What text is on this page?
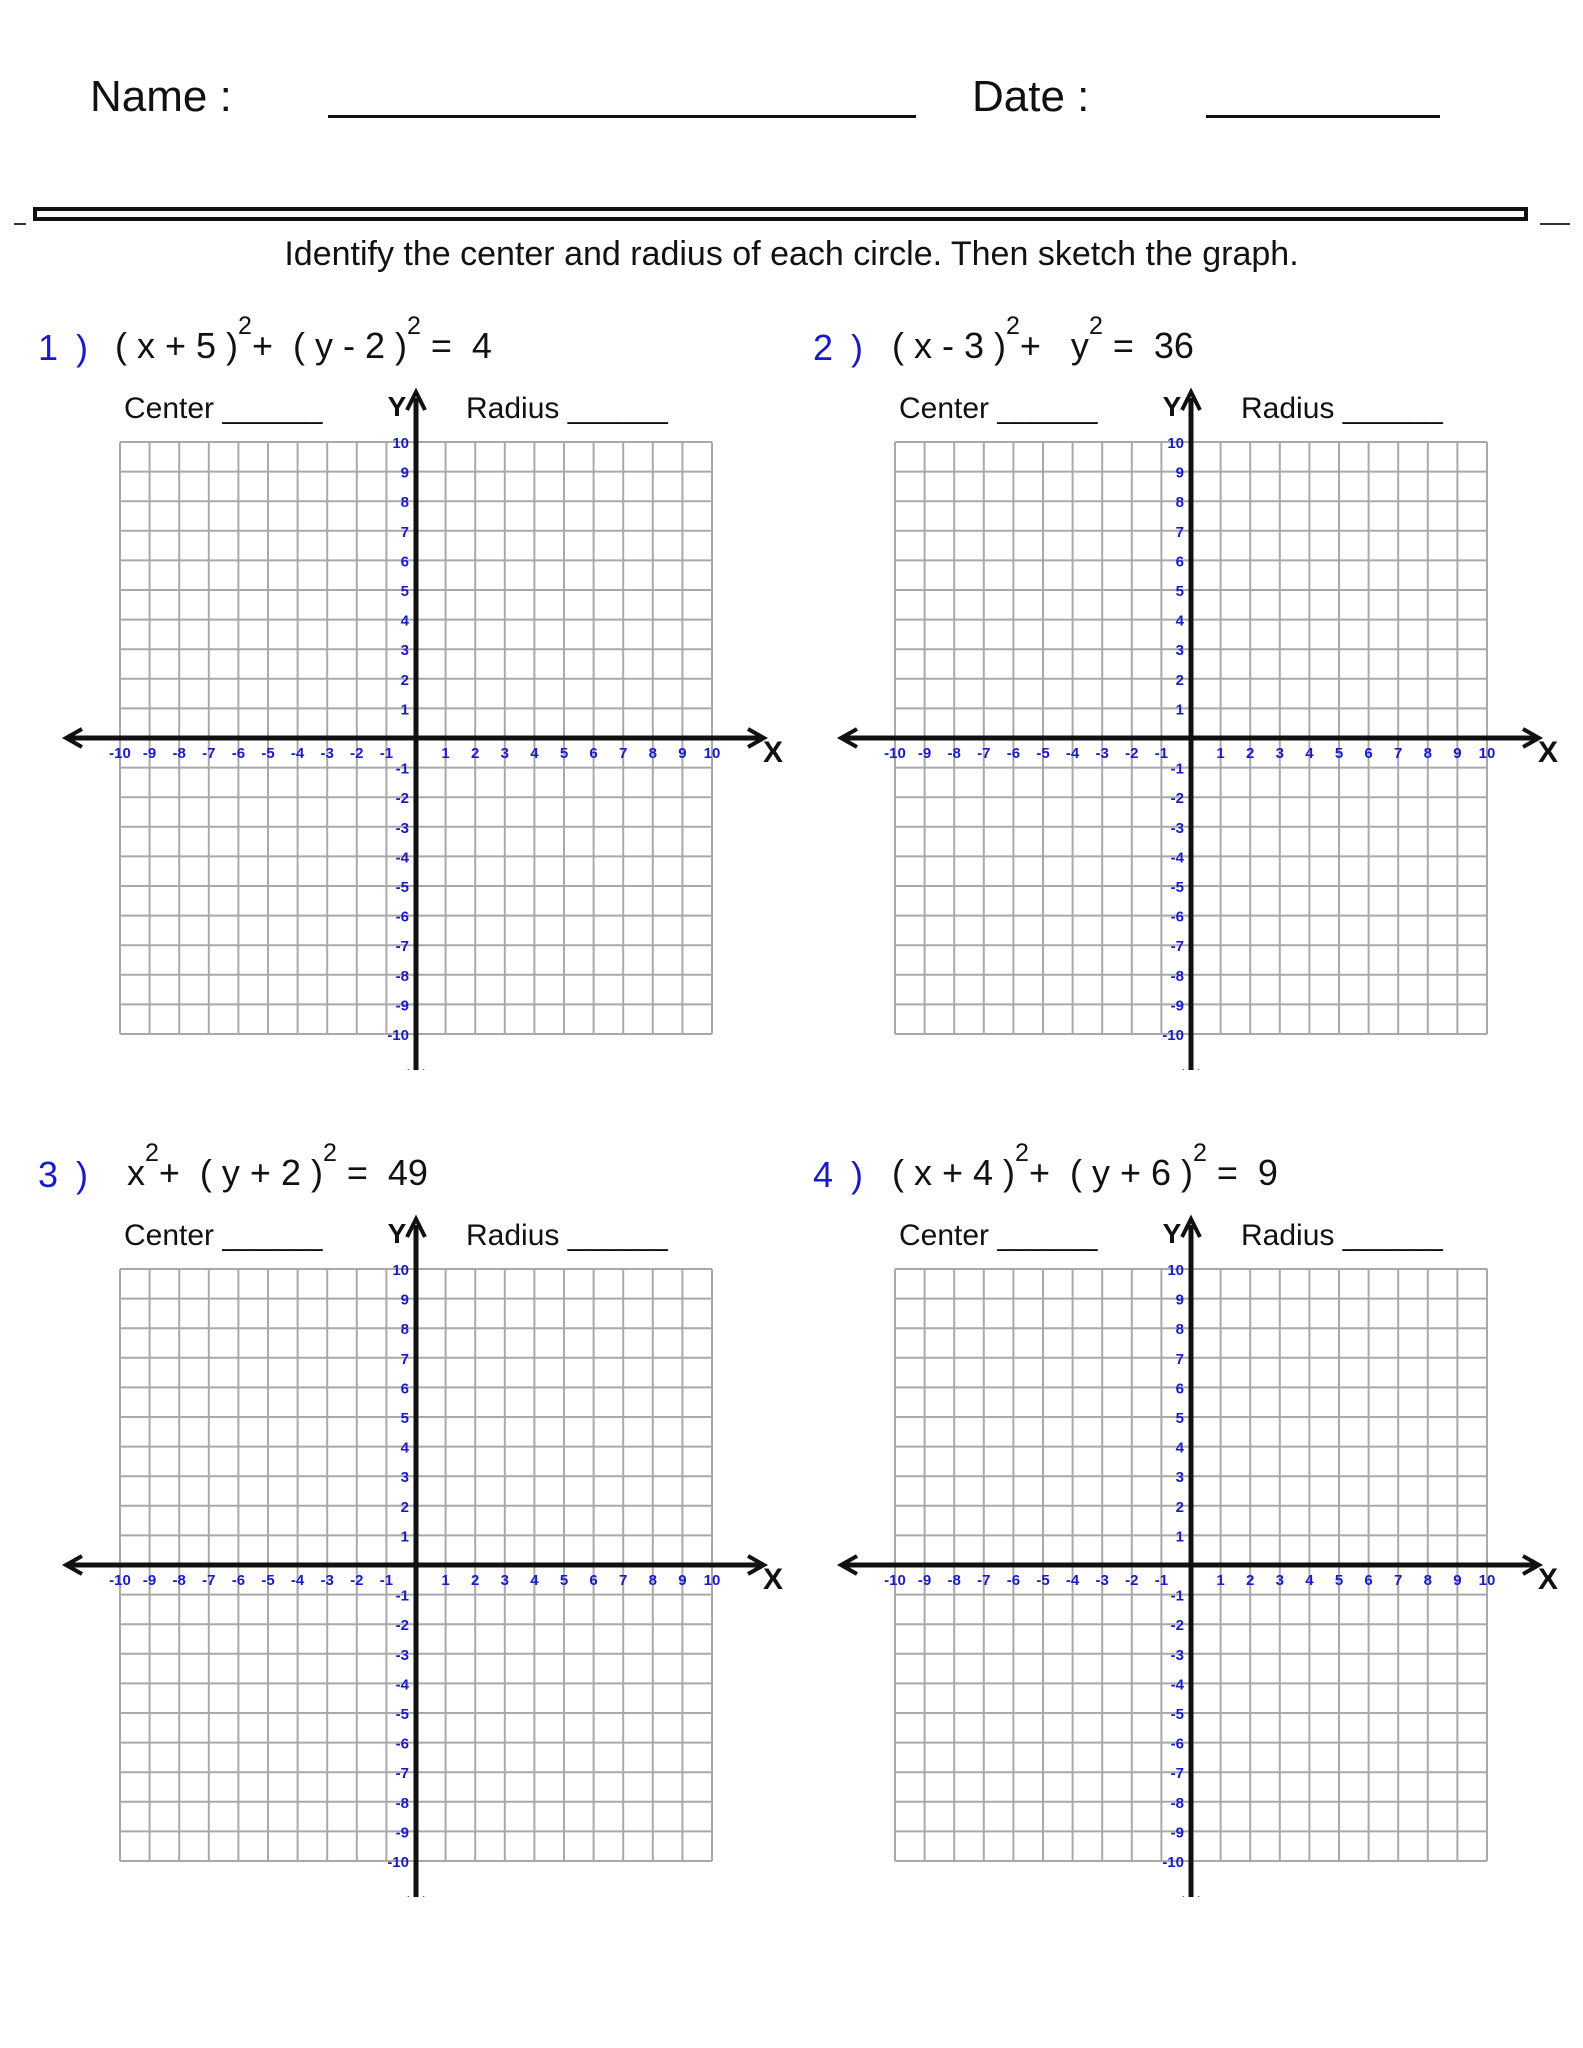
Name :	Date :
Identify the center and radius of each circle. Then sketch the graph.
1 ) ( x + 5 )$^2$+  ( y - 2 )$^2$ =  4
Center ______	Radius ______
X
Y
-10
-10
-9
-9
-8
-8
-7
-7
-6
-6
-5
-5
-4
-4
-3
-3
-2
-2
-1
-1
1
1
2
2
3
3
4
4
5
5
6
6
7
7
8
8
9
9
10
10
2 ) ( x - 3 )$^2+ y^2 = 36$
Center ______	Radius ______
X
Y
-10
-10
-9
-9
-8
-8
-7
-7
-6
-6
-5
-5
-4
-4
-3
-3
-2
-2
-1
-1
1
1
2
2
3
3
4
4
5
5
6
6
7
7
8
8
9
9
10
10
3 ) $x^2+$  ( y + 2 )$^2$ =  49
Center ______	Radius ______
X
Y
-10
-10
-9
-9
-8
-8
-7
-7
-6
-6
-5
-5
-4
-4
-3
-3
-2
-2
-1
-1
1
1
2
2
3
3
4
4
5
5
6
6
7
7
8
8
9
9
10
10
4 ) ( x + 4 )$^2$+  ( y + 6 )$^2$ =  9
Center ______	Radius ______
X
Y
-10
-10
-9
-9
-8
-8
-7
-7
-6
-6
-5
-5
-4
-4
-3
-3
-2
-2
-1
-1
1
1
2
2
3
3
4
4
5
5
6
6
7
7
8
8
9
9
10
10
